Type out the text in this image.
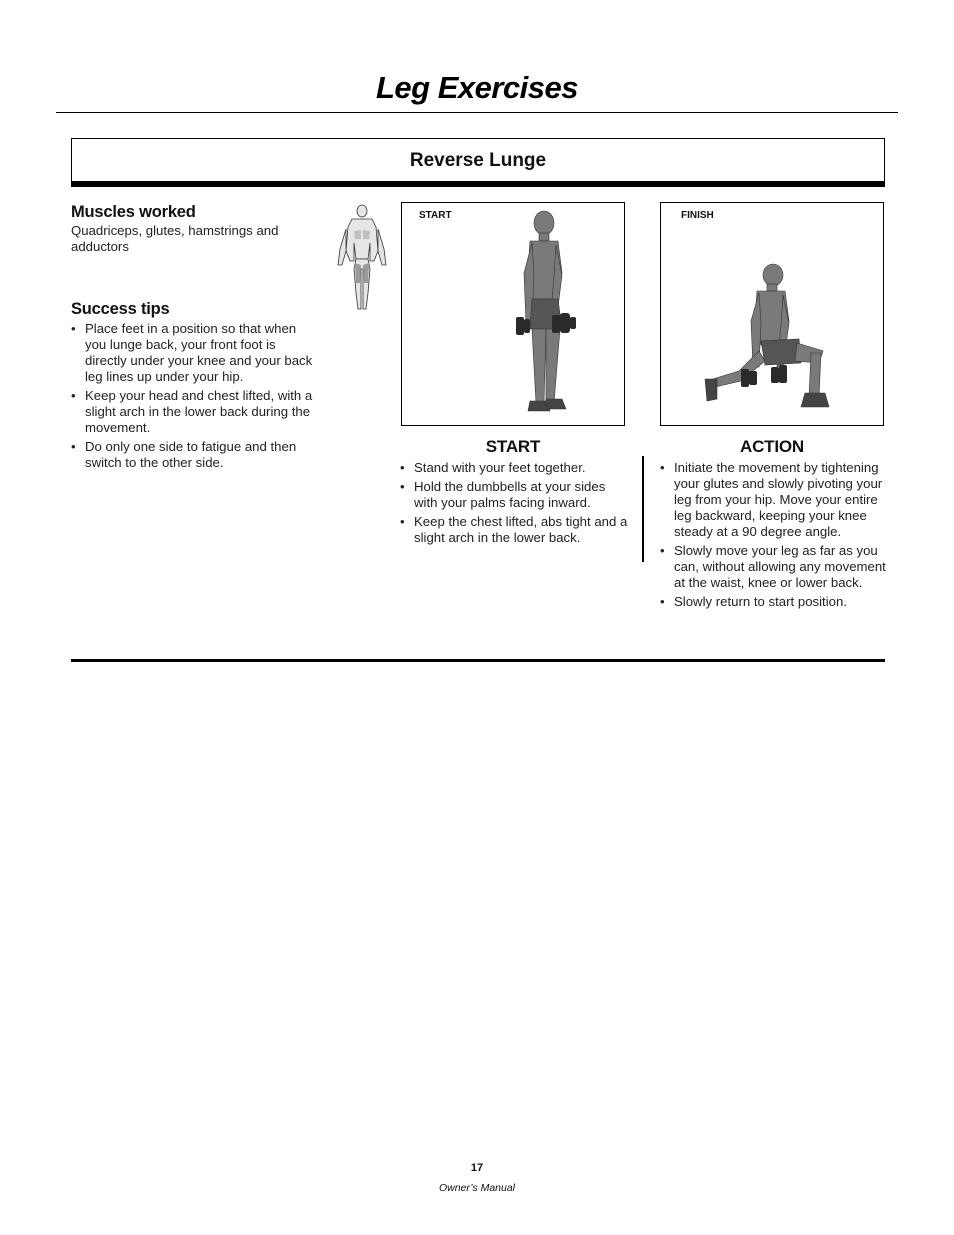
Leg Exercises
Reverse Lunge
Muscles worked

Quadriceps, glutes, hamstrings and adductors

Success tips
• Place feet in a position so that when you lunge back, your front foot is directly under your knee and your back leg lines up under your hip.
• Keep your head and chest lifted, with a slight arch in the lower back during the movement.
• Do only one side to fatigue and then switch to the other side.
START	FINISH
START
• Stand with your feet together.
• Hold the dumbbells at your sides with your palms facing inward.
• Keep the chest lifted, abs tight and a slight arch in the lower back.
ACTION
• Initiate the movement by tightening your glutes and slowly pivoting your leg from your hip. Move your entire leg backward, keeping your knee steady at a 90 degree angle.
• Slowly move your leg as far as you can, without allowing any movement at the waist, knee or lower back.
• Slowly return to start position.
17
Owner’s Manual
